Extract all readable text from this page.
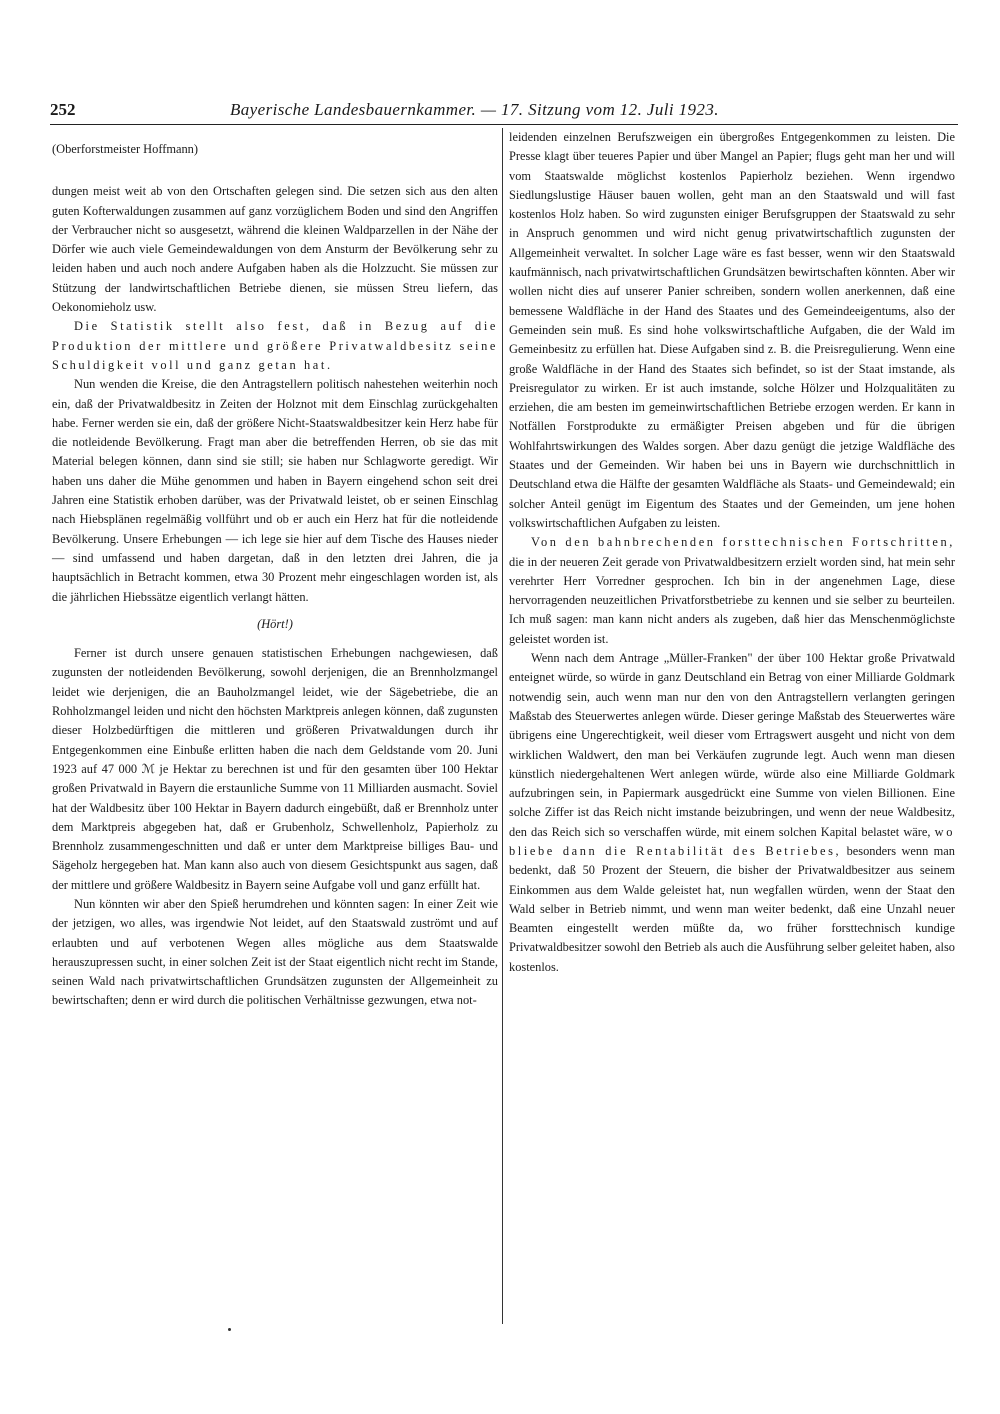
252	Bayerische Landesbauernkammer. — 17. Sitzung vom 12. Juli 1923.

(Oberforstmeister Hoffmann)

dungen meist weit ab von den Ortschaften gelegen sind. Die setzen sich aus den alten guten Kofterwaldungen zusammen auf ganz vorzüglichem Boden und sind den Angriffen der Verbraucher nicht so ausgesetzt, während die kleinen Waldparzellen in der Nähe der Dörfer wie auch viele Gemeindewaldungen von dem Ansturm der Bevölkerung sehr zu leiden haben und auch noch andere Aufgaben haben als die Holzzucht. Sie müssen zur Stützung der landwirtschaftlichen Betriebe dienen, sie müssen Streu liefern, das Oekonomieholz usw.

Die Statistik stellt also fest, daß in Bezug auf die Produktion der mittlere und größere Privatwaldbesitz seine Schuldigkeit voll und ganz getan hat.

Nun wenden die Kreise, die den Antragstellern politisch nahestehen weiterhin noch ein, daß der Privatwaldbesitz in Zeiten der Holznot mit dem Einschlag zurückgehalten habe. Ferner werden sie ein, daß der größere Nicht-Staatswaldbesitzer kein Herz habe für die notleidende Bevölkerung. Fragt man aber die betreffenden Herren, ob sie das mit Material belegen können, dann sind sie still; sie haben nur Schlagworte geredigt. Wir haben uns daher die Mühe genommen und haben in Bayern eingehend schon seit drei Jahren eine Statistik erhoben darüber, was der Privatwald leistet, ob er seinen Einschlag nach Hiebsplänen regelmäßig vollführt und ob er auch ein Herz hat für die notleidende Bevölkerung. Unsere Erhebungen — ich lege sie hier auf dem Tische des Hauses nieder — sind umfassend und haben dargetan, daß in den letzten drei Jahren, die ja hauptsächlich in Betracht kommen, etwa 30 Prozent mehr eingeschlagen worden ist, als die jährlichen Hiebssätze eigentlich verlangt hätten.

(Hört!)

Ferner ist durch unsere genauen statistischen Erhebungen nachgewiesen, daß zugunsten der notleidenden Bevölkerung, sowohl derjenigen, die an Brennholzmangel leidet wie derjenigen, die an Bauholzmangel leidet, wie der Sägebetriebe, die an Rohholzmangel leiden und nicht den höchsten Marktpreis anlegen können, daß zugunsten dieser Holzbedürftigen die mittleren und größeren Privatwaldungen durch ihr Entgegenkommen eine Einbuße erlitten haben die nach dem Geldstande vom 20. Juni 1923 auf 47 000 ℳ je Hektar zu berechnen ist und für den gesamten über 100 Hektar großen Privatwald in Bayern die erstaunliche Summe von 11 Milliarden ausmacht. Soviel hat der Waldbesitz über 100 Hektar in Bayern dadurch eingebüßt, daß er Brennholz unter dem Marktpreis abgegeben hat, daß er Grubenholz, Schwellenholz, Papierholz zu Brennholz zusammengeschnitten und daß er unter dem Marktpreise billiges Bau- und Sägeholz hergegeben hat. Man kann also auch von diesem Gesichtspunkt aus sagen, daß der mittlere und größere Waldbesitz in Bayern seine Aufgabe voll und ganz erfüllt hat.

Nun könnten wir aber den Spieß herumdrehen und könnten sagen: In einer Zeit wie der jetzigen, wo alles, was irgendwie Not leidet, auf den Staatswald zuströmt und auf erlaubten und auf verbotenen Wegen alles mögliche aus dem Staatswalde herauszupressen sucht, in einer solchen Zeit ist der Staat eigentlich nicht recht im Stande, seinen Wald nach privatwirtschaftlichen Grundsätzen zugunsten der Allgemeinheit zu bewirtschaften; denn er wird durch die politischen Verhältnisse gezwungen, etwa not-

leidenden einzelnen Berufszweigen ein übergroßes Entgegenkommen zu leisten. Die Presse klagt über teueres Papier und über Mangel an Papier; flugs geht man her und will vom Staatswalde möglichst kostenlos Papierholz beziehen. Wenn irgendwo Siedlungslustige Häuser bauen wollen, geht man an den Staatswald und will fast kostenlos Holz haben. So wird zugunsten einiger Berufsgruppen der Staatswald zu sehr in Anspruch genommen und wird nicht genug privatwirtschaftlich zugunsten der Allgemeinheit verwaltet. In solcher Lage wäre es fast besser, wenn wir den Staatswald kaufmännisch, nach privatwirtschaftlichen Grundsätzen bewirtschaften könnten. Aber wir wollen nicht dies auf unserer Panier schreiben, sondern wollen anerkennen, daß eine bemessene Waldfläche in der Hand des Staates und des Gemeindeeigentums, also der Gemeinden sein muß. Es sind hohe volkswirtschaftliche Aufgaben, die der Wald im Gemeinbesitz zu erfüllen hat. Diese Aufgaben sind z. B. die Preisregulierung. Wenn eine große Waldfläche in der Hand des Staates sich befindet, so ist der Staat imstande, als Preisregulator zu wirken. Er ist auch imstande, solche Hölzer und Holzqualitäten zu erziehen, die am besten im gemeinwirtschaftlichen Betriebe erzogen werden. Er kann in Notfällen Forstprodukte zu ermäßigter Preisen abgeben und für die übrigen Wohlfahrtswirkungen des Waldes sorgen. Aber dazu genügt die jetzige Waldfläche des Staates und der Gemeinden. Wir haben bei uns in Bayern wie durchschnittlich in Deutschland etwa die Hälfte der gesamten Waldfläche als Staats- und Gemeindewald; ein solcher Anteil genügt im Eigentum des Staates und der Gemeinden, um jene hohen volkswirtschaftlichen Aufgaben zu leisten.

Von den bahnbrechenden forsttechnischen Fortschritten, die in der neueren Zeit gerade von Privatwaldbesitzern erzielt worden sind, hat mein sehr verehrter Herr Vorredner gesprochen. Ich bin in der angenehmen Lage, diese hervorragenden neuzeitlichen Privatforstbetriebe zu kennen und sie selber zu beurteilen. Ich muß sagen: man kann nicht anders als zugeben, daß hier das Menschenmöglichste geleistet worden ist.

Wenn nach dem Antrage „Müller-Franken" der über 100 Hektar große Privatwald enteignet würde, so würde in ganz Deutschland ein Betrag von einer Milliarde Goldmark notwendig sein, auch wenn man nur den von den Antragstellern verlangten geringen Maßstab des Steuerwertes anlegen würde. Dieser geringe Maßstab des Steuerwertes wäre übrigens eine Ungerechtigkeit, weil dieser vom Ertragswert ausgeht und nicht von dem wirklichen Waldwert, den man bei Verkäufen zugrunde legt. Auch wenn man diesen künstlich niedergehaltenen Wert anlegen würde, würde also eine Milliarde Goldmark aufzubringen sein, in Papiermark ausgedrückt eine Summe von vielen Billionen. Eine solche Ziffer ist das Reich nicht imstande beizubringen, und wenn der neue Waldbesitz, den das Reich sich so verschaffen würde, mit einem solchen Kapital belastet wäre, wo bliebe dann die Rentabilität des Betriebes, besonders wenn man bedenkt, daß 50 Prozent der Steuern, die bisher der Privatwaldbesitzer aus seinem Einkommen aus dem Walde geleistet hat, nun wegfallen würden, wenn der Staat den Wald selber in Betrieb nimmt, und wenn man weiter bedenkt, daß eine Unzahl neuer Beamten eingestellt werden müßte da, wo früher forsttechnisch kundige Privatwaldbesitzer sowohl den Betrieb als auch die Ausführung selber geleitet haben, also kostenlos.
